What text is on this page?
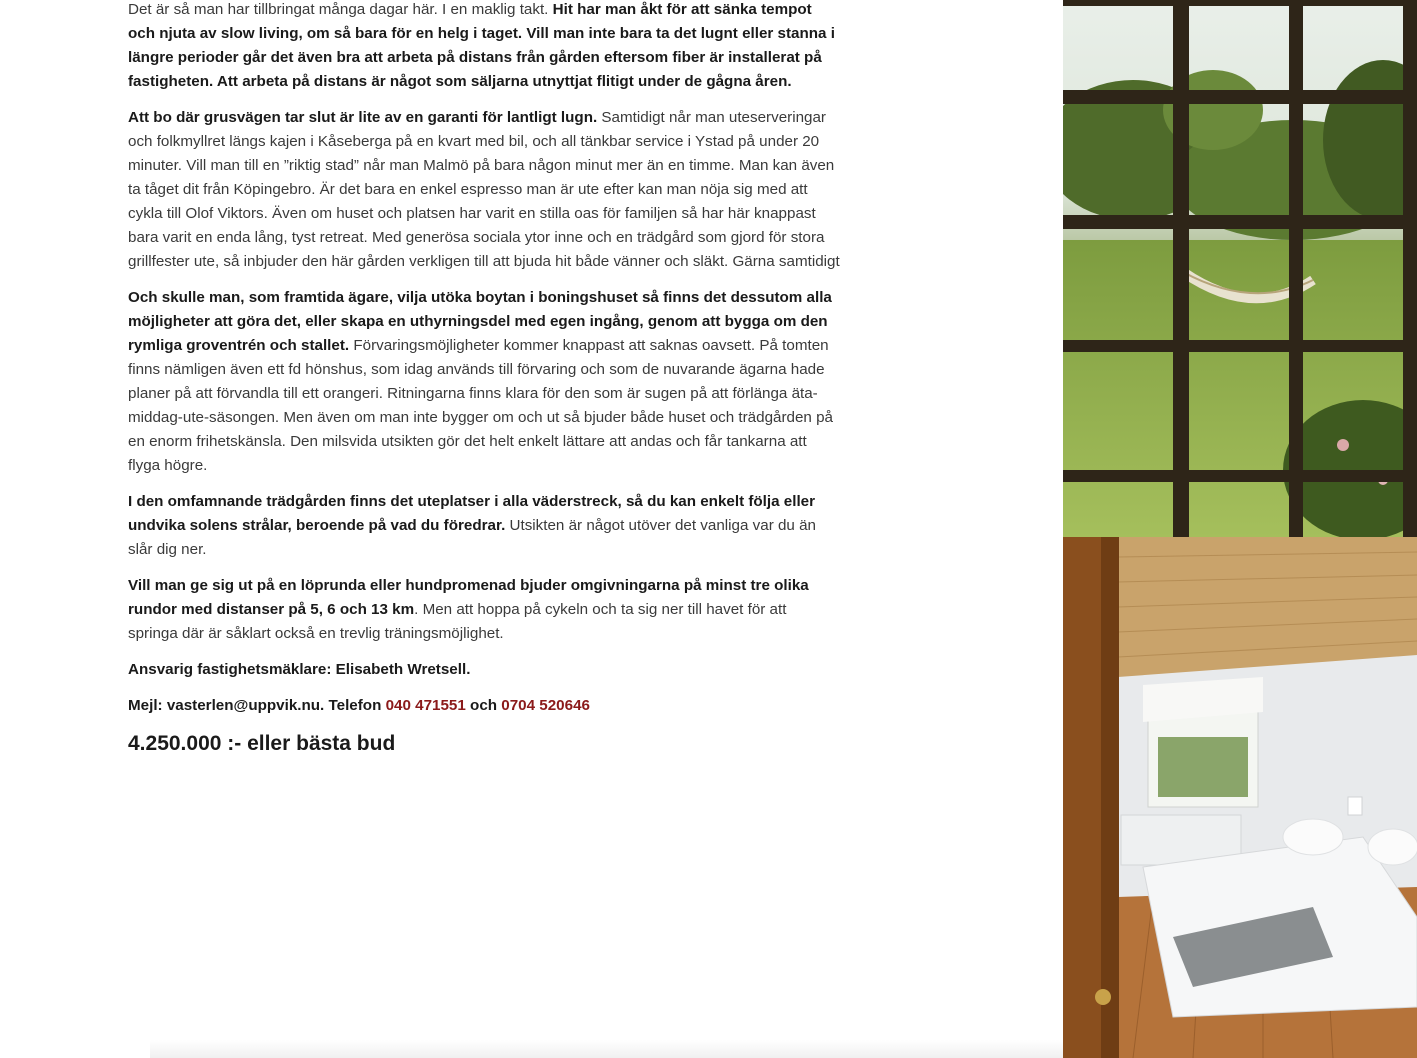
Det är så man har tillbringat många dagar här. I en maklig takt. Hit har man åkt för att sänka tempot och njuta av slow living, om så bara för en helg i taget. Vill man inte bara ta det lugnt eller stanna i längre perioder går det även bra att arbeta på distans från gården eftersom fiber är installerat på fastigheten. Att arbeta på distans är något som säljarna utnyttjat flitigt under de gågna åren.

Att bo där grusvägen tar slut är lite av en garanti för lantligt lugn. Samtidigt når man uteserveringar och folkmyllret längs kajen i Kåseberga på en kvart med bil, och all tänkbar service i Ystad på under 20 minuter. Vill man till en ”riktig stad” når man Malmö på bara någon minut mer än en timme. Man kan även ta tåget dit från Köpingebro. Är det bara en enkel espresso man är ute efter kan man nöja sig med att cykla till Olof Viktors. Även om huset och platsen har varit en stilla oas för familjen så har här knappast bara varit en enda lång, tyst retreat. Med generösa sociala ytor inne och en trädgård som gjord för stora grillfester ute, så inbjuder den här gården verkligen till att bjuda hit både vänner och släkt. Gärna samtidigt

Och skulle man, som framtida ägare, vilja utöka boytan i boningshuset så finns det dessutom alla möjligheter att göra det, eller skapa en uthyrningsdel med egen ingång, genom att bygga om den rymliga groventrén och stallet. Förvaringsmöjligheter kommer knappast att saknas oavsett. På tomten finns nämligen även ett fd hönshus, som idag används till förvaring och som de nuvarande ägarna hade planer på att förvandla till ett orangeri. Ritningarna finns klara för den som är sugen på att förlänga äta-middag-ute-säsongen. Men även om man inte bygger om och ut så bjuder både huset och trädgården på en enorm frihetskänsla. Den milsvida utsikten gör det helt enkelt lättare att andas och får tankarna att flyga högre.

I den omfamnande trädgården finns det uteplatser i alla väderstreck, så du kan enkelt följa eller undvika solens strålar, beroende på vad du föredrar. Utsikten är något utöver det vanliga var du än slår dig ner.

Vill man ge sig ut på en löprunda eller hundpromenad bjuder omgivningarna på minst tre olika rundor med distanser på 5, 6 och 13 km. Men att hoppa på cykeln och ta sig ner till havet för att springa där är såklart också en trevlig träningsmöjlighet.

Ansvarig fastighetsmäklare: Elisabeth Wretsell.

Mejl: vasterlen@uppvik.nu. Telefon 040 471551 och 0704 520646

4.250.000 :- eller bästa bud
